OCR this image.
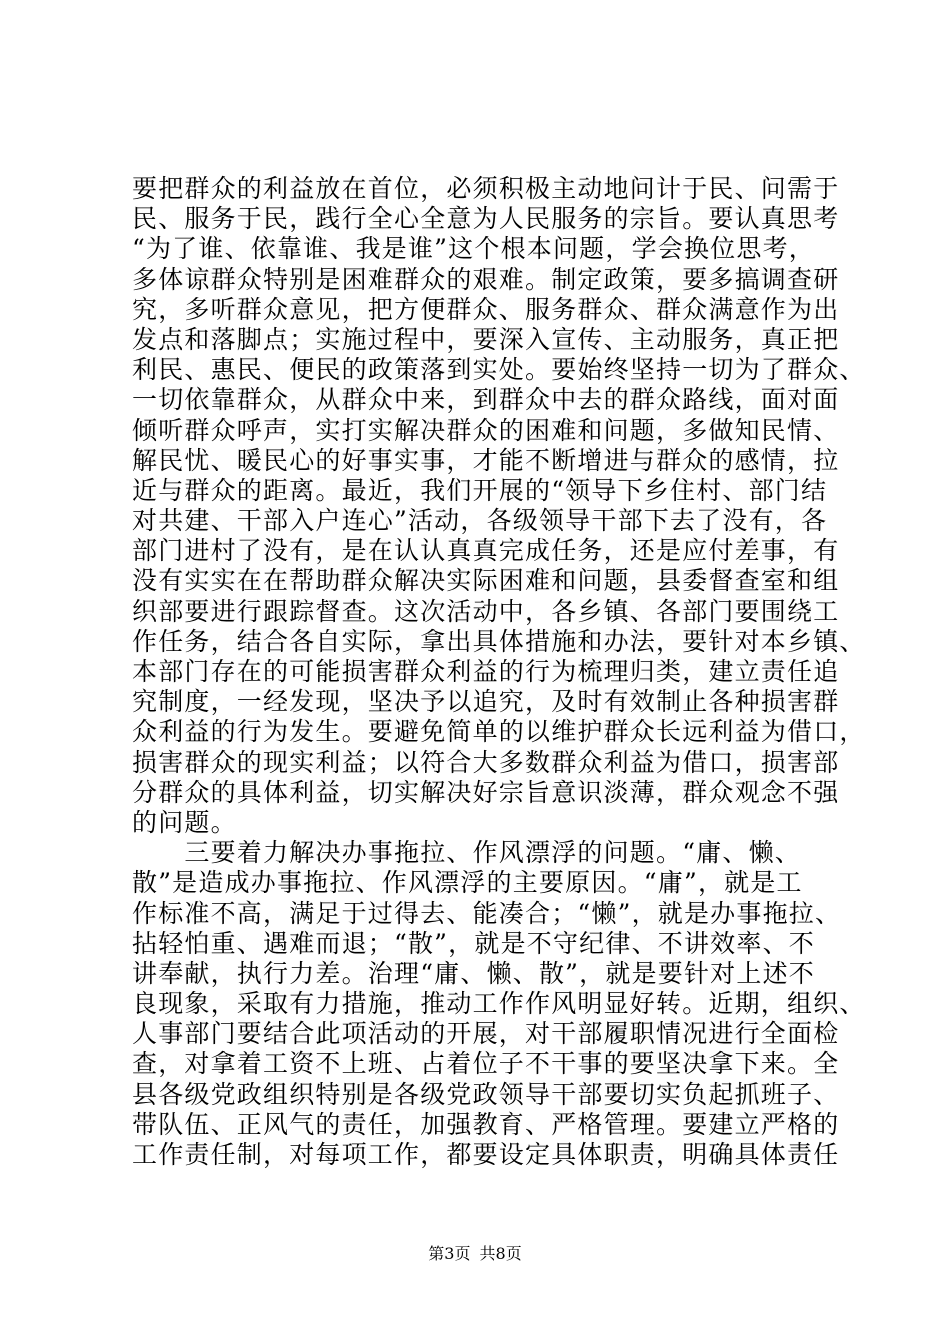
要把群众的利益放在首位，必须积极主动地问计于民、问需于
民、服务于民，践行全心全意为人民服务的宗旨。要认真思考
“为了谁、依靠谁、我是谁”这个根本问题，学会换位思考，
多体谅群众特别是困难群众的艰难。制定政策，要多搞调查研
究，多听群众意见，把方便群众、服务群众、群众满意作为出
发点和落脚点；实施过程中，要深入宣传、主动服务，真正把
利民、惠民、便民的政策落到实处。要始终坚持一切为了群众、
一切依靠群众，从群众中来，到群众中去的群众路线，面对面
倾听群众呼声，实打实解决群众的困难和问题，多做知民情、
解民忧、暖民心的好事实事，才能不断增进与群众的感情，拉
近与群众的距离。最近，我们开展的“领导下乡住村、部门结
对共建、干部入户连心”活动，各级领导干部下去了没有，各
部门进村了没有，是在认认真真完成任务，还是应付差事，有
没有实实在在帮助群众解决实际困难和问题，县委督查室和组
织部要进行跟踪督查。这次活动中，各乡镇、各部门要围绕工
作任务，结合各自实际，拿出具体措施和办法，要针对本乡镇、
本部门存在的可能损害群众利益的行为梳理归类，建立责任追
究制度，一经发现，坚决予以追究，及时有效制止各种损害群
众利益的行为发生。要避免简单的以维护群众长远利益为借口，
损害群众的现实利益；以符合大多数群众利益为借口，损害部
分群众的具体利益，切实解决好宗旨意识淡薄，群众观念不强
的问题。
　　三要着力解决办事拖拉、作风漂浮的问题。“庸、懒、
散”是造成办事拖拉、作风漂浮的主要原因。“庸”，就是工
作标准不高，满足于过得去、能凑合；“懒”，就是办事拖拉、
拈轻怕重、遇难而退；“散”，就是不守纪律、不讲效率、不
讲奉献，执行力差。治理“庸、懒、散”，就是要针对上述不
良现象，采取有力措施，推动工作作风明显好转。近期，组织、
人事部门要结合此项活动的开展，对干部履职情况进行全面检
查，对拿着工资不上班、占着位子不干事的要坚决拿下来。全
县各级党政组织特别是各级党政领导干部要切实负起抓班子、
带队伍、正风气的责任，加强教育、严格管理。要建立严格的
工作责任制，对每项工作，都要设定具体职责，明确具体责任
第3页 共8页
